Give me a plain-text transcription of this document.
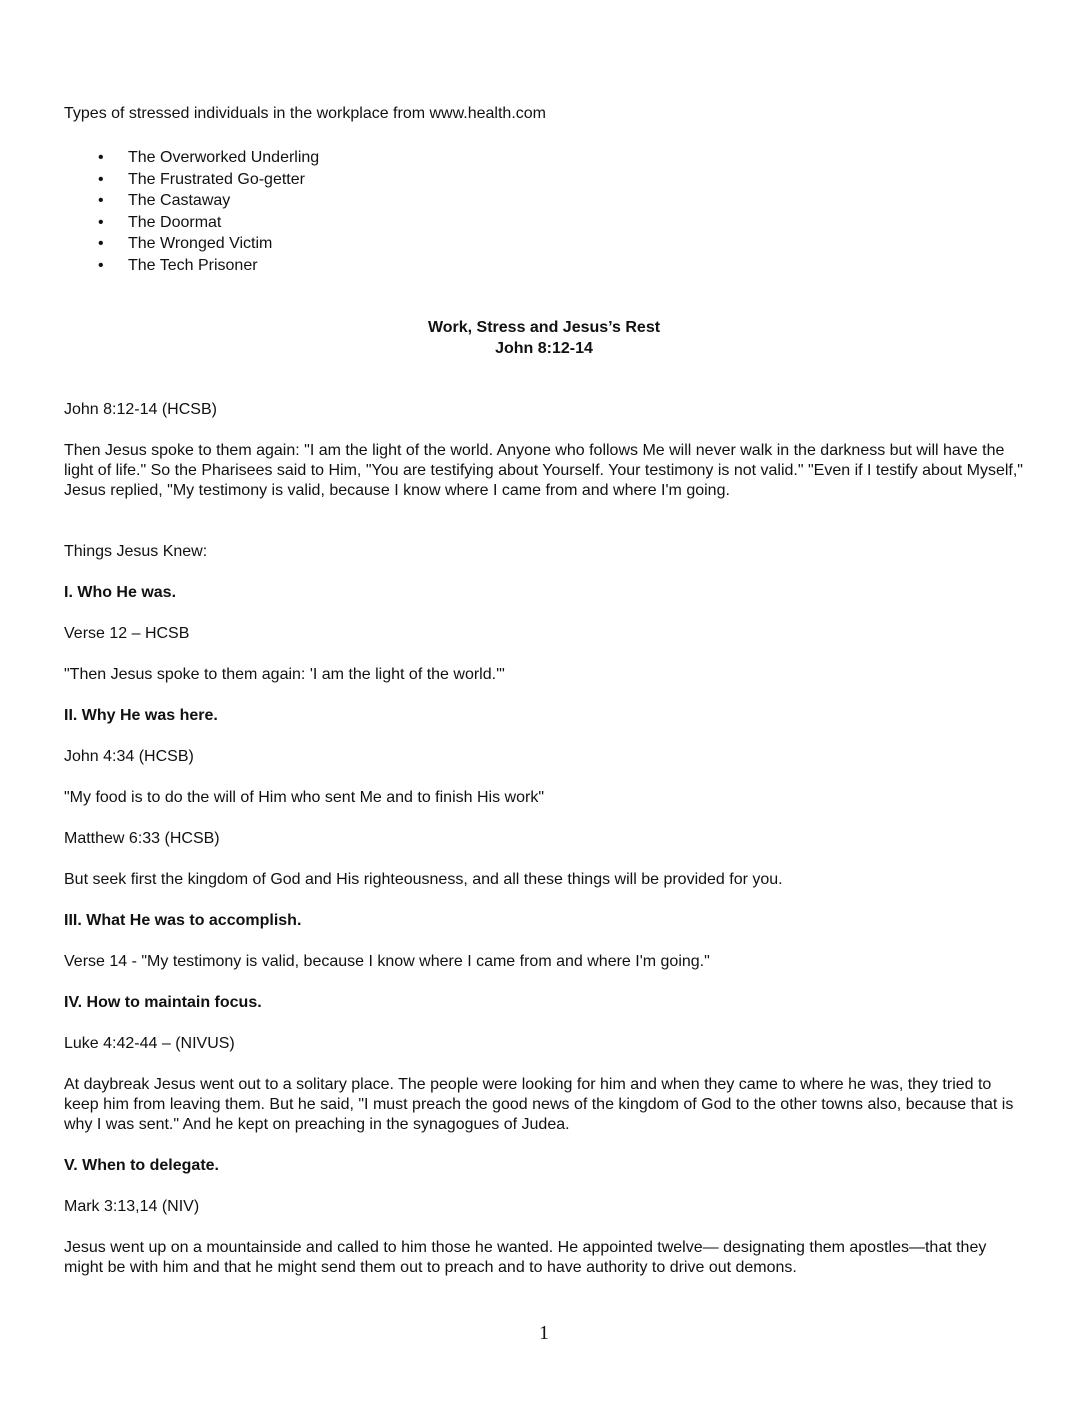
Types of stressed individuals in the workplace from www.health.com

• The Overworked Underling
• The Frustrated Go-getter
• The Castaway
• The Doormat
• The Wronged Victim
• The Tech Prisoner
Work, Stress and Jesus’s Rest
John 8:12-14

John 8:12-14 (HCSB)

Then Jesus spoke to them again: "I am the light of the world. Anyone who follows Me will never walk in the darkness but will have the light of life." So the Pharisees said to Him, "You are testifying about Yourself. Your testimony is not valid." "Even if I testify about Myself," Jesus replied, "My testimony is valid, because I know where I came from and where I'm going.

Things Jesus Knew:

I. Who He was.

Verse 12 – HCSB

"Then Jesus spoke to them again: 'I am the light of the world.'"

II. Why He was here.

John 4:34 (HCSB)

"My food is to do the will of Him who sent Me and to finish His work"

Matthew 6:33 (HCSB)

But seek first the kingdom of God and His righteousness, and all these things will be provided for you.

III. What He was to accomplish.

Verse 14 - "My testimony is valid, because I know where I came from and where I'm going."

IV. How to maintain focus.

Luke 4:42-44 – (NIVUS)

At daybreak Jesus went out to a solitary place. The people were looking for him and when they came to where he was, they tried to keep him from leaving them. But he said, "I must preach the good news of the kingdom of God to the other towns also, because that is why I was sent." And he kept on preaching in the synagogues of Judea.

V. When to delegate.

Mark 3:13,14 (NIV)

Jesus went up on a mountainside and called to him those he wanted. He appointed twelve— designating them apostles—that they might be with him and that he might send them out to preach and to have authority to drive out demons.

1
